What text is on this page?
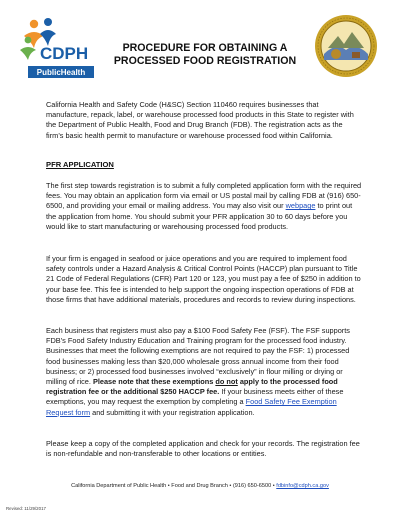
CDPH
PublicHealth
PROCEDURE FOR OBTAINING A
PROCESSED FOOD REGISTRATION

California Health and Safety Code (H&SC) Section 110460 requires businesses that manufacture, repack, label, or warehouse processed food products in this State to register with the Department of Public Health, Food and Drug Branch (FDB). The registration acts as the firm’s basic health permit to manufacture or warehouse processed food within California.

PFR APPLICATION

The first step towards registration is to submit a fully completed application form with the required fees. You may obtain an application form via email or US postal mail by calling FDB at (916) 650-6500, and providing your email or mailing address. You may also visit our webpage to print out the application from home. You should submit your PFR application 30 to 60 days before you would like to start manufacturing or warehousing processed food products.

If your firm is engaged in seafood or juice operations and you are required to implement food safety controls under a Hazard Analysis & Critical Control Points (HACCP) plan pursuant to Title 21 Code of Federal Regulations (CFR) Part 120 or 123, you must pay a fee of $250 in addition to your base fee. This fee is intended to help support the ongoing inspection operations of FDB at those firms that have additional materials, procedures and records to review during inspections.

Each business that registers must also pay a $100 Food Safety Fee (FSF). The FSF supports FDB’s Food Safety Industry Education and Training program for the processed food industry. Businesses that meet the following exemptions are not required to pay the FSF: 1) processed food businesses making less than $20,000 wholesale gross annual income from their food business; or 2) processed food businesses involved “exclusively” in flour milling or drying or milling of rice. Please note that these exemptions do not apply to the processed food registration fee or the additional $250 HACCP fee. If your business meets either of these exemptions, you may request the exemption by completing a Food Safety Fee Exemption Request form and submitting it with your registration application.

Please keep a copy of the completed application and check for your records. The registration fee is non-refundable and non-transferable to other locations or entities.

California Department of Public Health • Food and Drug Branch • (916) 650-6500 • fdbinfo@cdph.ca.gov
Revised: 11/29/2017
